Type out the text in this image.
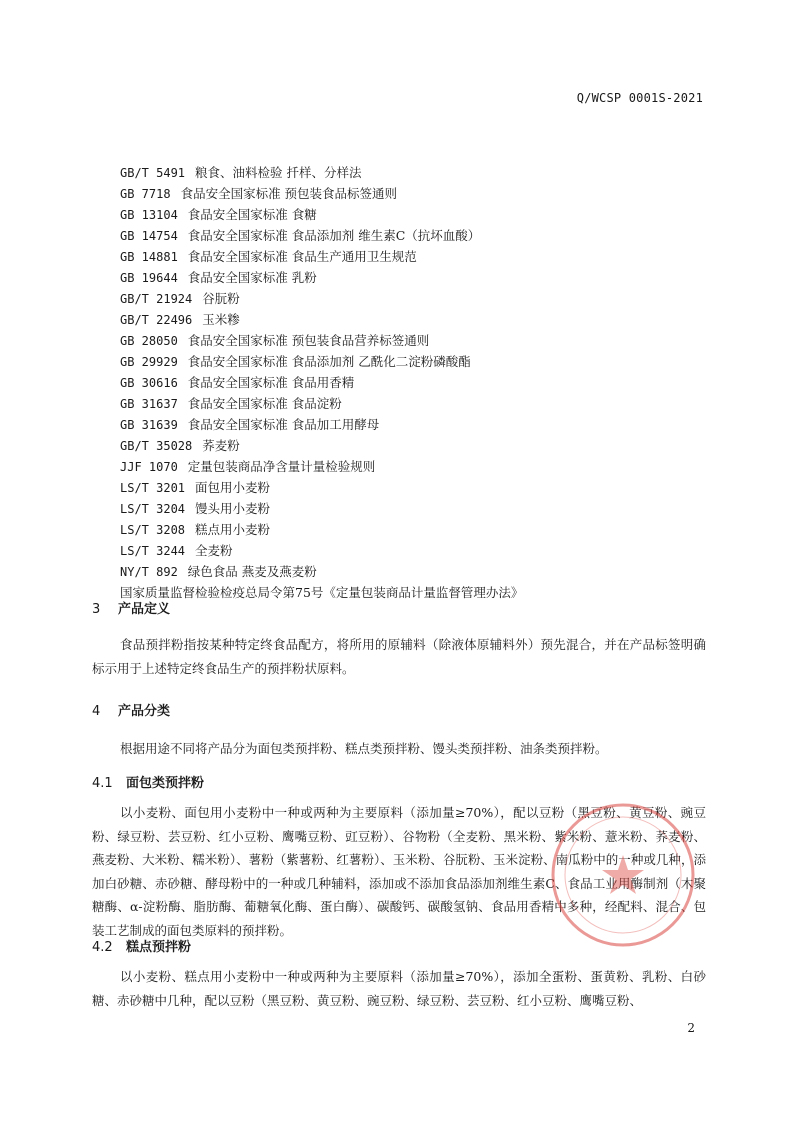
Q/WCSP 0001S-2021
GB/T 5491 粮食、油料检验 扦样、分样法
GB 7718 食品安全国家标准 预包装食品标签通则
GB 13104 食品安全国家标准 食糖
GB 14754 食品安全国家标准 食品添加剂 维生素C（抗坏血酸）
GB 14881 食品安全国家标准 食品生产通用卫生规范
GB 19644 食品安全国家标准 乳粉
GB/T 21924 谷朊粉
GB/T 22496 玉米糁
GB 28050 食品安全国家标准 预包装食品营养标签通则
GB 29929 食品安全国家标准 食品添加剂 乙酰化二淀粉磷酸酯
GB 30616 食品安全国家标准 食品用香精
GB 31637 食品安全国家标准 食品淀粉
GB 31639 食品安全国家标准 食品加工用酵母
GB/T 35028 荞麦粉
JJF 1070 定量包装商品净含量计量检验规则
LS/T 3201 面包用小麦粉
LS/T 3204 馒头用小麦粉
LS/T 3208 糕点用小麦粉
LS/T 3244 全麦粉
NY/T 892 绿色食品 燕麦及燕麦粉
国家质量监督检验检疫总局令第75号《定量包装商品计量监督管理办法》
3 产品定义
食品预拌粉指按某种特定终食品配方，将所用的原辅料（除液体原辅料外）预先混合，并在产品标签明确标示用于上述特定终食品生产的预拌粉状原料。
4 产品分类
根据用途不同将产品分为面包类预拌粉、糕点类预拌粉、馒头类预拌粉、油条类预拌粉。
4.1 面包类预拌粉
以小麦粉、面包用小麦粉中一种或两种为主要原料（添加量≥70%），配以豆粉（黑豆粉、黄豆粉、豌豆粉、绿豆粉、芸豆粉、红小豆粉、鹰嘴豆粉、豇豆粉）、谷物粉（全麦粉、黑米粉、紫米粉、薏米粉、荞麦粉、燕麦粉、大米粉、糯米粉）、薯粉（紫薯粉、红薯粉）、玉米粉、谷朊粉、玉米淀粉、南瓜粉中的一种或几种，添加白砂糖、赤砂糖、酵母粉中的一种或几种辅料，添加或不添加食品添加剂维生素C、食品工业用酶制剂（木聚糖酶、α-淀粉酶、脂肪酶、葡糖氧化酶、蛋白酶）、碳酸钙、碳酸氢钠、食品用香精中多种，经配料、混合、包装工艺制成的面包类原料的预拌粉。
4.2 糕点预拌粉
以小麦粉、糕点用小麦粉中一种或两种为主要原料（添加量≥70%），添加全蛋粉、蛋黄粉、乳粉、白砂糖、赤砂糖中几种，配以豆粉（黑豆粉、黄豆粉、豌豆粉、绿豆粉、芸豆粉、红小豆粉、鹰嘴豆粉、
2
